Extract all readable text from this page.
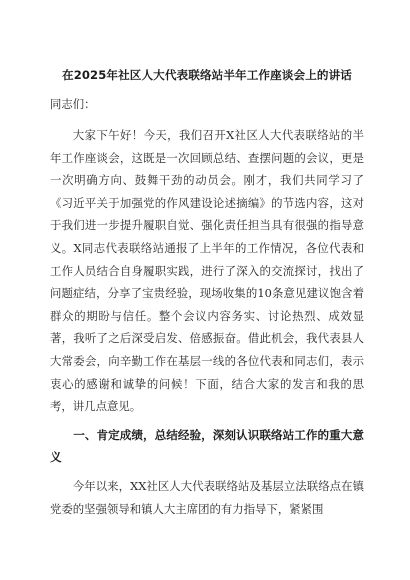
在2025年社区人大代表联络站半年工作座谈会上的讲话

同志们：

大家下午好！今天，我们召开X社区人大代表联络站的半年工作座谈会，这既是一次回顾总结、查摆问题的会议，更是一次明确方向、鼓舞干劲的动员会。刚才，我们共同学习了《习近平关于加强党的作风建设论述摘编》的节选内容，这对于我们进一步提升履职自觉、强化责任担当具有很强的指导意义。X同志代表联络站通报了上半年的工作情况，各位代表和工作人员结合自身履职实践，进行了深入的交流探讨，找出了问题症结，分享了宝贵经验，现场收集的10条意见建议饱含着群众的期盼与信任。整个会议内容务实、讨论热烈、成效显著，我听了之后深受启发、倍感振奋。借此机会，我代表县人大常委会，向辛勤工作在基层一线的各位代表和同志们，表示衷心的感谢和诚挚的问候！下面，结合大家的发言和我的思考，讲几点意见。

一、肯定成绩，总结经验，深刻认识联络站工作的重大意义

今年以来，XX社区人大代表联络站及基层立法联络点在镇党委的坚强领导和镇人大主席团的有力指导下，紧紧围
